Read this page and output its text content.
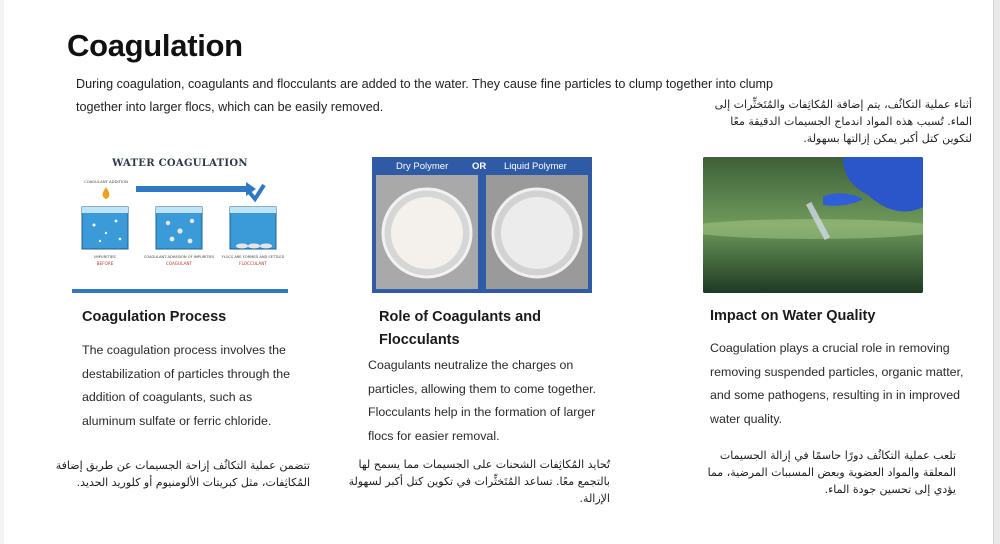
Coagulation
During coagulation, coagulants and flocculants are added to the water. They cause fine particles to clump together into clump together into larger flocs, which can be easily removed.	أثناء عملية التكاثُف، يتم إضافة المُكاثِفات والمُتَخثِّرات إلى الماء. تُسبب هذه المواد اندماج الجسيمات الدقيقة معًا لتكوين كتل أكبر يمكن إزالتها بسهولة.
WATER COAGULATION
COAGULANT ADDITION
IMPURITIES
BEFORE
COAGULANT ADHESION OF IMPURITIES
COAGULANT
FLOCS ARE FORMED AND SETTLED
FLOCCULANT
Dry Polymer OR Liquid Polymer
Coagulation Process
The coagulation process involves the destabilization of particles through the addition of coagulants, such as aluminum sulfate or ferric chloride.
تتضمن عملية التكاثُف إزاحة الجسيمات عن طريق إضافة المُكاثِفات، مثل كبريتات الألومنيوم أو كلوريد الحديد.
Role of Coagulants and Flocculants
Coagulants neutralize the charges on particles, allowing them to come together. Flocculants help in the formation of larger flocs for easier removal.
تُحايد المُكاثِفات الشحنات على الجسيمات مما يسمح لها بالتجمع معًا. تساعد المُتَخثِّرات في تكوين كتل أكبر لسهولة الإزالة.
Impact on Water Quality
Coagulation plays a crucial role in removing removing suspended particles, organic matter, and some pathogens, resulting in in improved water quality.
تلعب عملية التكاثُف دورًا حاسمًا في إزالة الجسيمات المعلقة والمواد العضوية وبعض المسببات المرضية، مما يؤدي إلى تحسين جودة الماء.
